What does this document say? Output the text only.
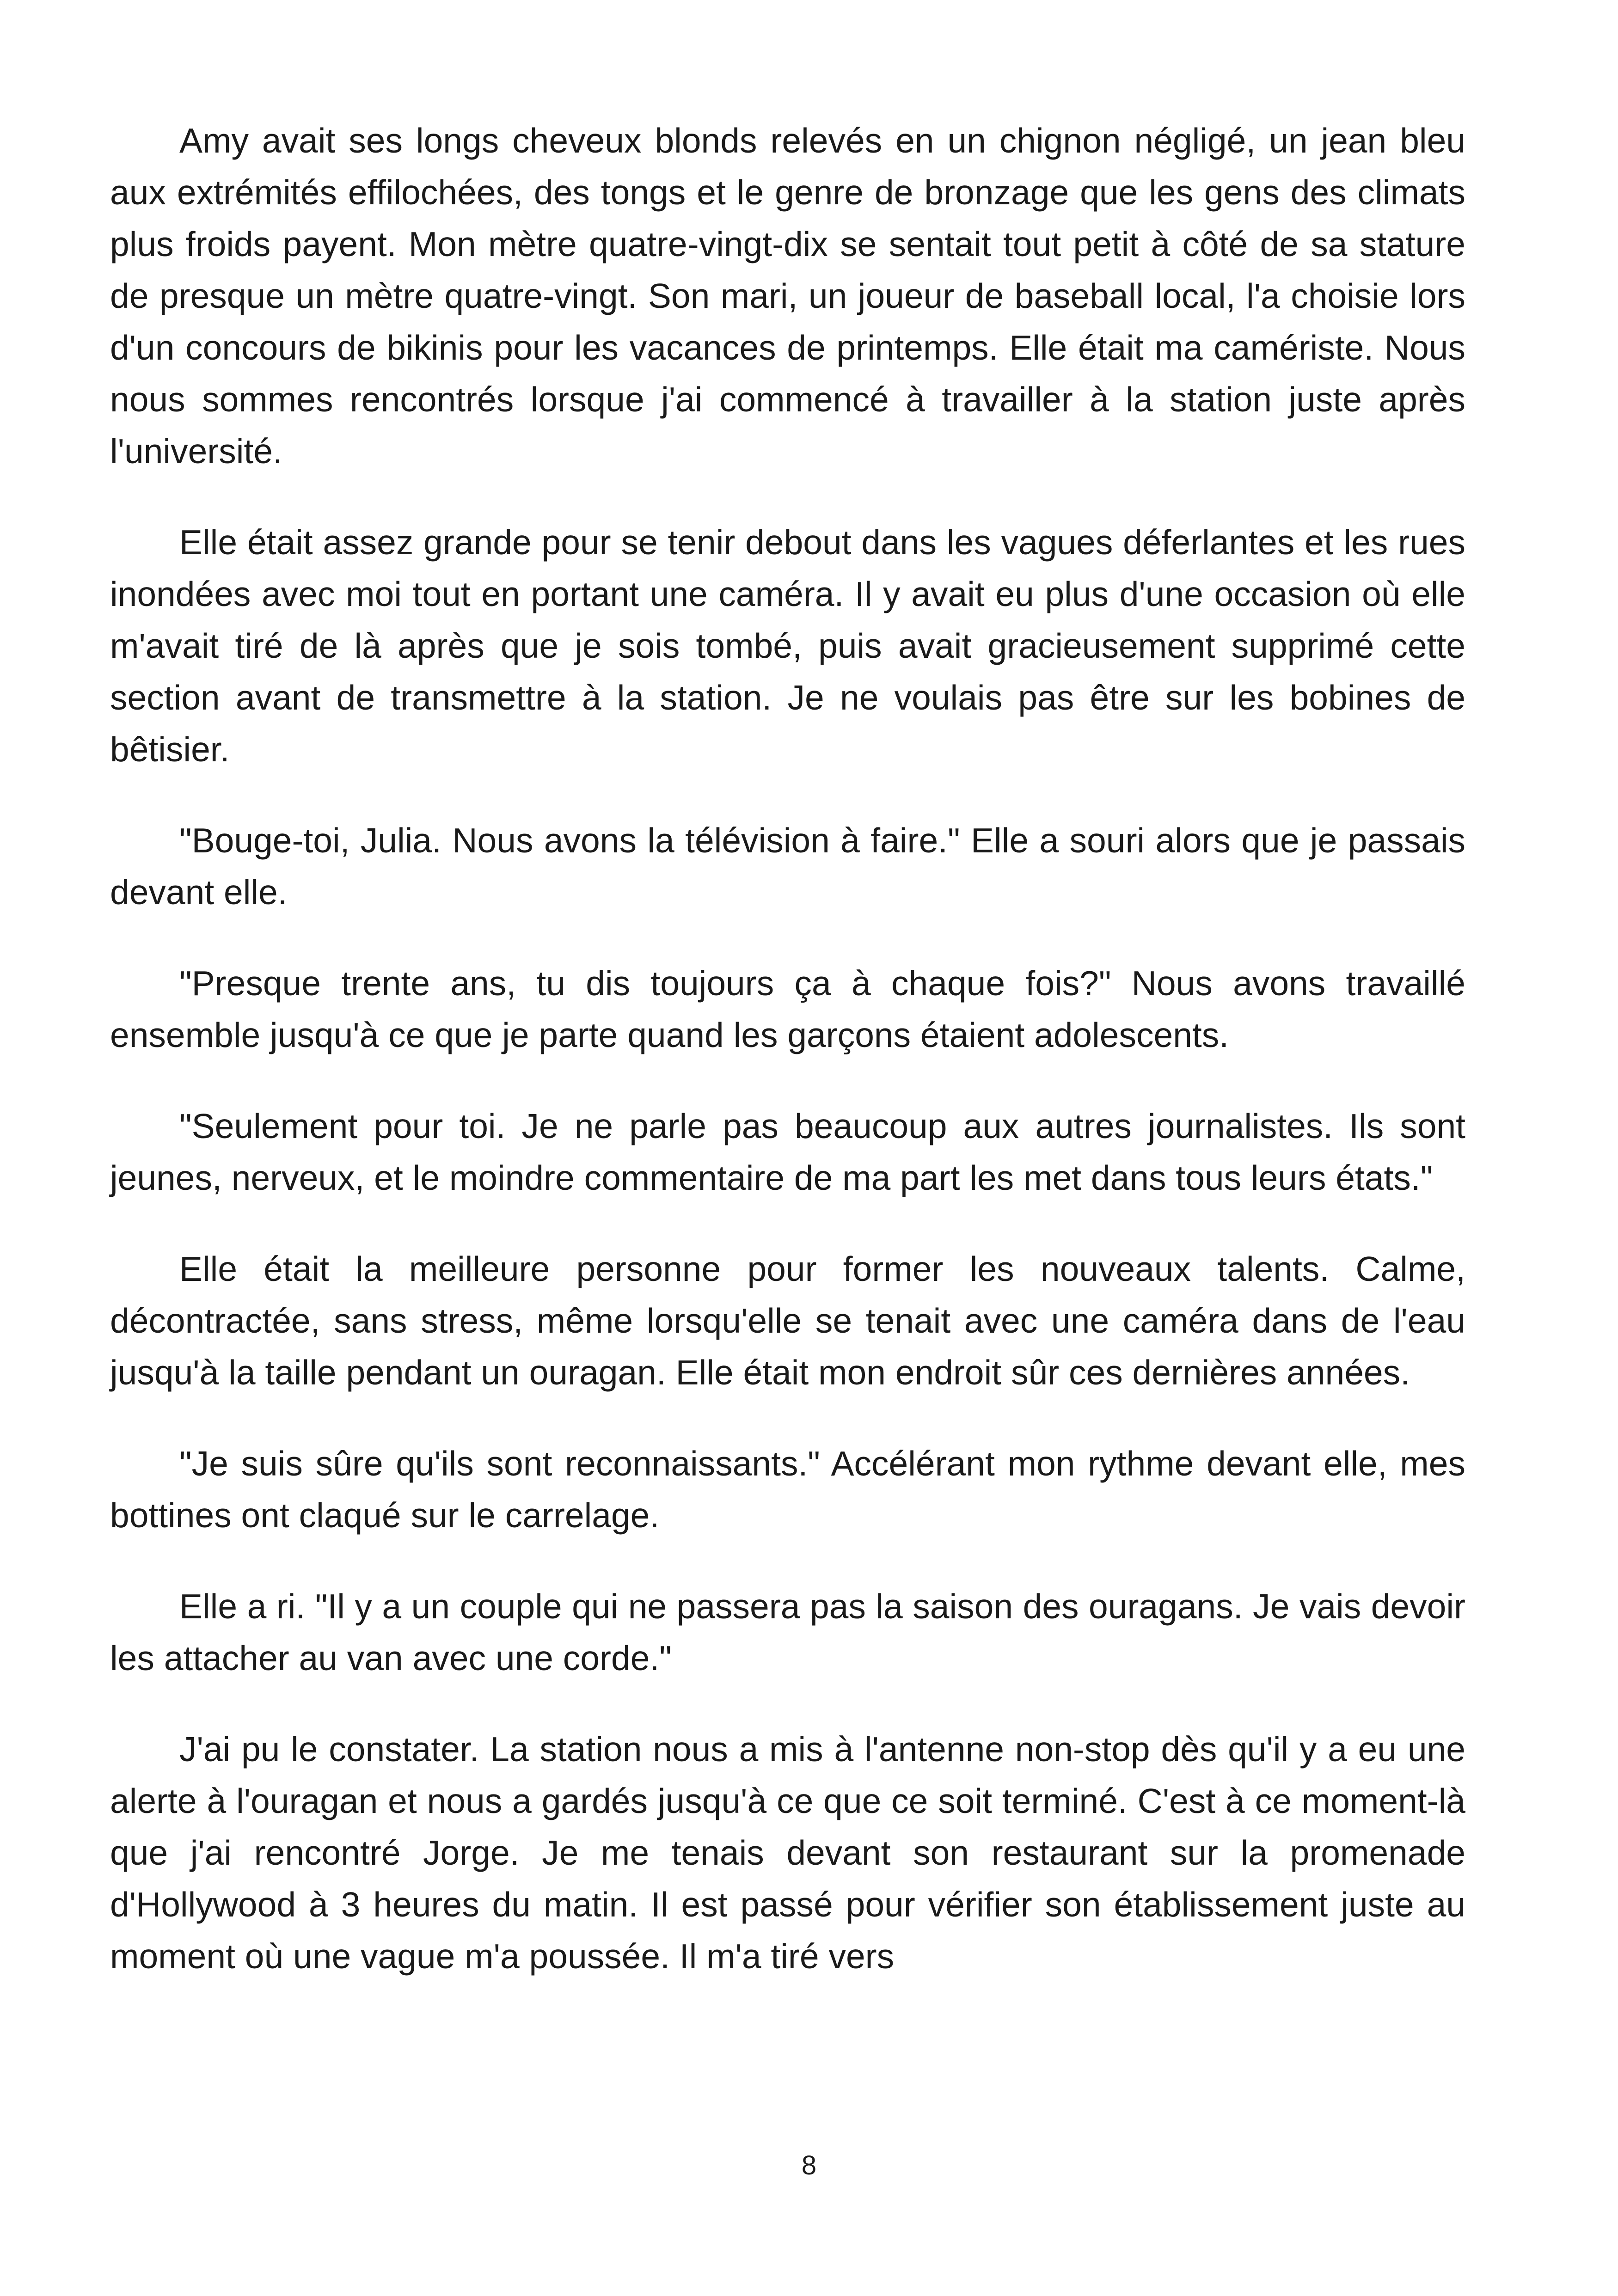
Amy avait ses longs cheveux blonds relevés en un chignon négligé, un jean bleu aux extrémités effilochées, des tongs et le genre de bronzage que les gens des climats plus froids payent. Mon mètre quatre-vingt-dix se sentait tout petit à côté de sa stature de presque un mètre quatre-vingt. Son mari, un joueur de baseball local, l'a choisie lors d'un concours de bikinis pour les vacances de printemps. Elle était ma caméristе. Nous nous sommes rencontrés lorsque j'ai commencé à travailler à la station juste après l'université.

Elle était assez grande pour se tenir debout dans les vagues déferlantes et les rues inondées avec moi tout en portant une caméra. Il y avait eu plus d'une occasion où elle m'avait tiré de là après que je sois tombé, puis avait gracieusement supprimé cette section avant de transmettre à la station. Je ne voulais pas être sur les bobines de bêtisier.

"Bouge-toi, Julia. Nous avons la télévision à faire." Elle a souri alors que je passais devant elle.

"Presque trente ans, tu dis toujours ça à chaque fois?" Nous avons travaillé ensemble jusqu'à ce que je parte quand les garçons étaient adolescents.

"Seulement pour toi. Je ne parle pas beaucoup aux autres journalistes. Ils sont jeunes, nerveux, et le moindre commentaire de ma part les met dans tous leurs états."

Elle était la meilleure personne pour former les nouveaux talents. Calme, décontractée, sans stress, même lorsqu'elle se tenait avec une caméra dans de l'eau jusqu'à la taille pendant un ouragan. Elle était mon endroit sûr ces dernières années.

"Je suis sûre qu'ils sont reconnaissants." Accélérant mon rythme devant elle, mes bottines ont claqué sur le carrelage.

Elle a ri. "Il y a un couple qui ne passera pas la saison des ouragans. Je vais devoir les attacher au van avec une corde."

J'ai pu le constater. La station nous a mis à l'antenne non-stop dès qu'il y a eu une alerte à l'ouragan et nous a gardés jusqu'à ce que ce soit terminé. C'est à ce moment-là que j'ai rencontré Jorge. Je me tenais devant son restaurant sur la promenade d'Hollywood à 3 heures du matin. Il est passé pour vérifier son établissement juste au moment où une vague m'a poussée. Il m'a tiré vers

8
